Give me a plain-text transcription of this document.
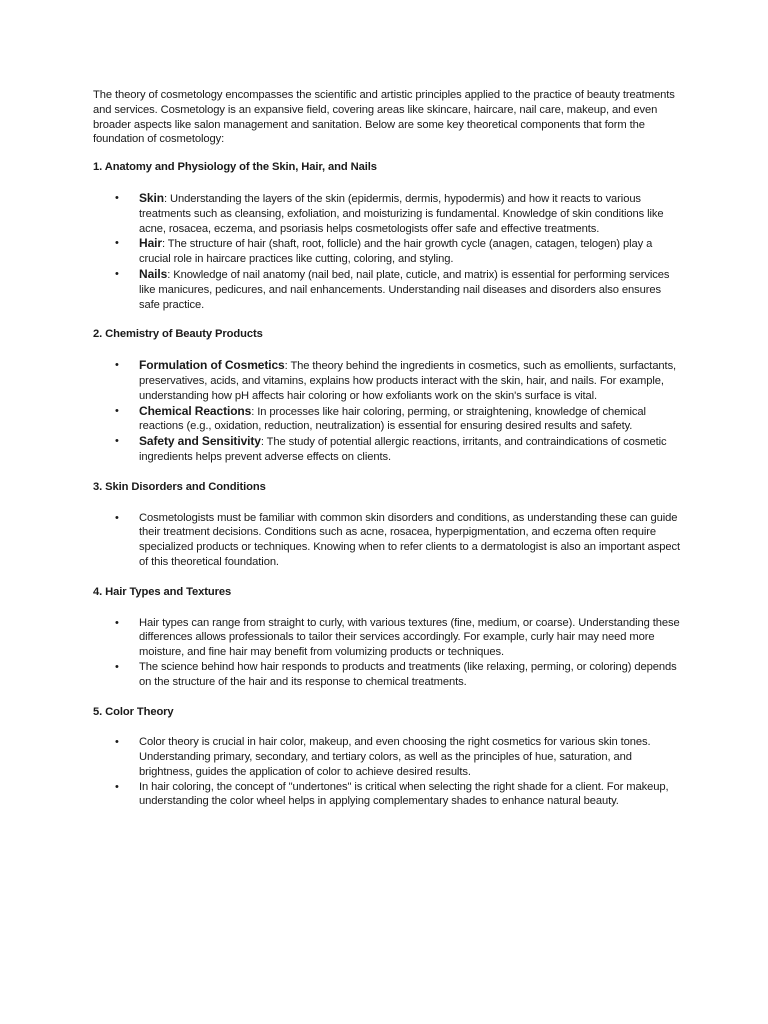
The theory of cosmetology encompasses the scientific and artistic principles applied to the practice of beauty treatments and services. Cosmetology is an expansive field, covering areas like skincare, haircare, nail care, makeup, and even broader aspects like salon management and sanitation. Below are some key theoretical components that form the foundation of cosmetology:

1. Anatomy and Physiology of the Skin, Hair, and Nails
• Skin: Understanding the layers of the skin (epidermis, dermis, hypodermis) and how it reacts to various treatments such as cleansing, exfoliation, and moisturizing is fundamental. Knowledge of skin conditions like acne, rosacea, eczema, and psoriasis helps cosmetologists offer safe and effective treatments.
• Hair: The structure of hair (shaft, root, follicle) and the hair growth cycle (anagen, catagen, telogen) play a crucial role in haircare practices like cutting, coloring, and styling.
• Nails: Knowledge of nail anatomy (nail bed, nail plate, cuticle, and matrix) is essential for performing services like manicures, pedicures, and nail enhancements. Understanding nail diseases and disorders also ensures safe practice.
2. Chemistry of Beauty Products
• Formulation of Cosmetics: The theory behind the ingredients in cosmetics, such as emollients, surfactants, preservatives, acids, and vitamins, explains how products interact with the skin, hair, and nails. For example, understanding how pH affects hair coloring or how exfoliants work on the skin's surface is vital.
• Chemical Reactions: In processes like hair coloring, perming, or straightening, knowledge of chemical reactions (e.g., oxidation, reduction, neutralization) is essential for ensuring desired results and safety.
• Safety and Sensitivity: The study of potential allergic reactions, irritants, and contraindications of cosmetic ingredients helps prevent adverse effects on clients.
3. Skin Disorders and Conditions
• Cosmetologists must be familiar with common skin disorders and conditions, as understanding these can guide their treatment decisions. Conditions such as acne, rosacea, hyperpigmentation, and eczema often require specialized products or techniques. Knowing when to refer clients to a dermatologist is also an important aspect of this theoretical foundation.
4. Hair Types and Textures
• Hair types can range from straight to curly, with various textures (fine, medium, or coarse). Understanding these differences allows professionals to tailor their services accordingly. For example, curly hair may need more moisture, and fine hair may benefit from volumizing products or techniques.
• The science behind how hair responds to products and treatments (like relaxing, perming, or coloring) depends on the structure of the hair and its response to chemical treatments.
5. Color Theory
• Color theory is crucial in hair color, makeup, and even choosing the right cosmetics for various skin tones. Understanding primary, secondary, and tertiary colors, as well as the principles of hue, saturation, and brightness, guides the application of color to achieve desired results.
• In hair coloring, the concept of "undertones" is critical when selecting the right shade for a client. For makeup, understanding the color wheel helps in applying complementary shades to enhance natural beauty.
